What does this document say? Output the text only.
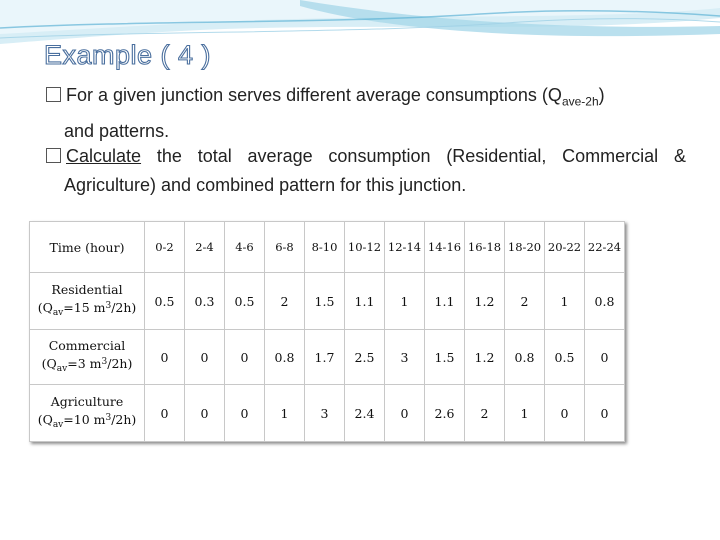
Example ( 4 )
For a given junction serves different average consumptions $(Q_{ave-2h})$
and patterns.
Calculate the total average consumption (Residential, Commercial &
Agriculture) and combined pattern for this junction.
Time (hour)	0-2	2-4	4-6	6-8	8-10	10-12	12-14	14-16	16-18	18-20	20-22	22-24

Residential
($Q_{av}=15$ $m^3/2h$)	0.5	0.3	0.5	2	1.5	1.1	1	1.1	1.2	2	1	0.8

Commercial
($Q_{av}=3$ $m^3/2h$)	0	0	0	0.8	1.7	2.5	3	1.5	1.2	0.8	0.5	0

Agriculture
($Q_{av}=10$ $m^3/2h$)	0	0	0	1	3	2.4	0	2.6	2	1	0	0
